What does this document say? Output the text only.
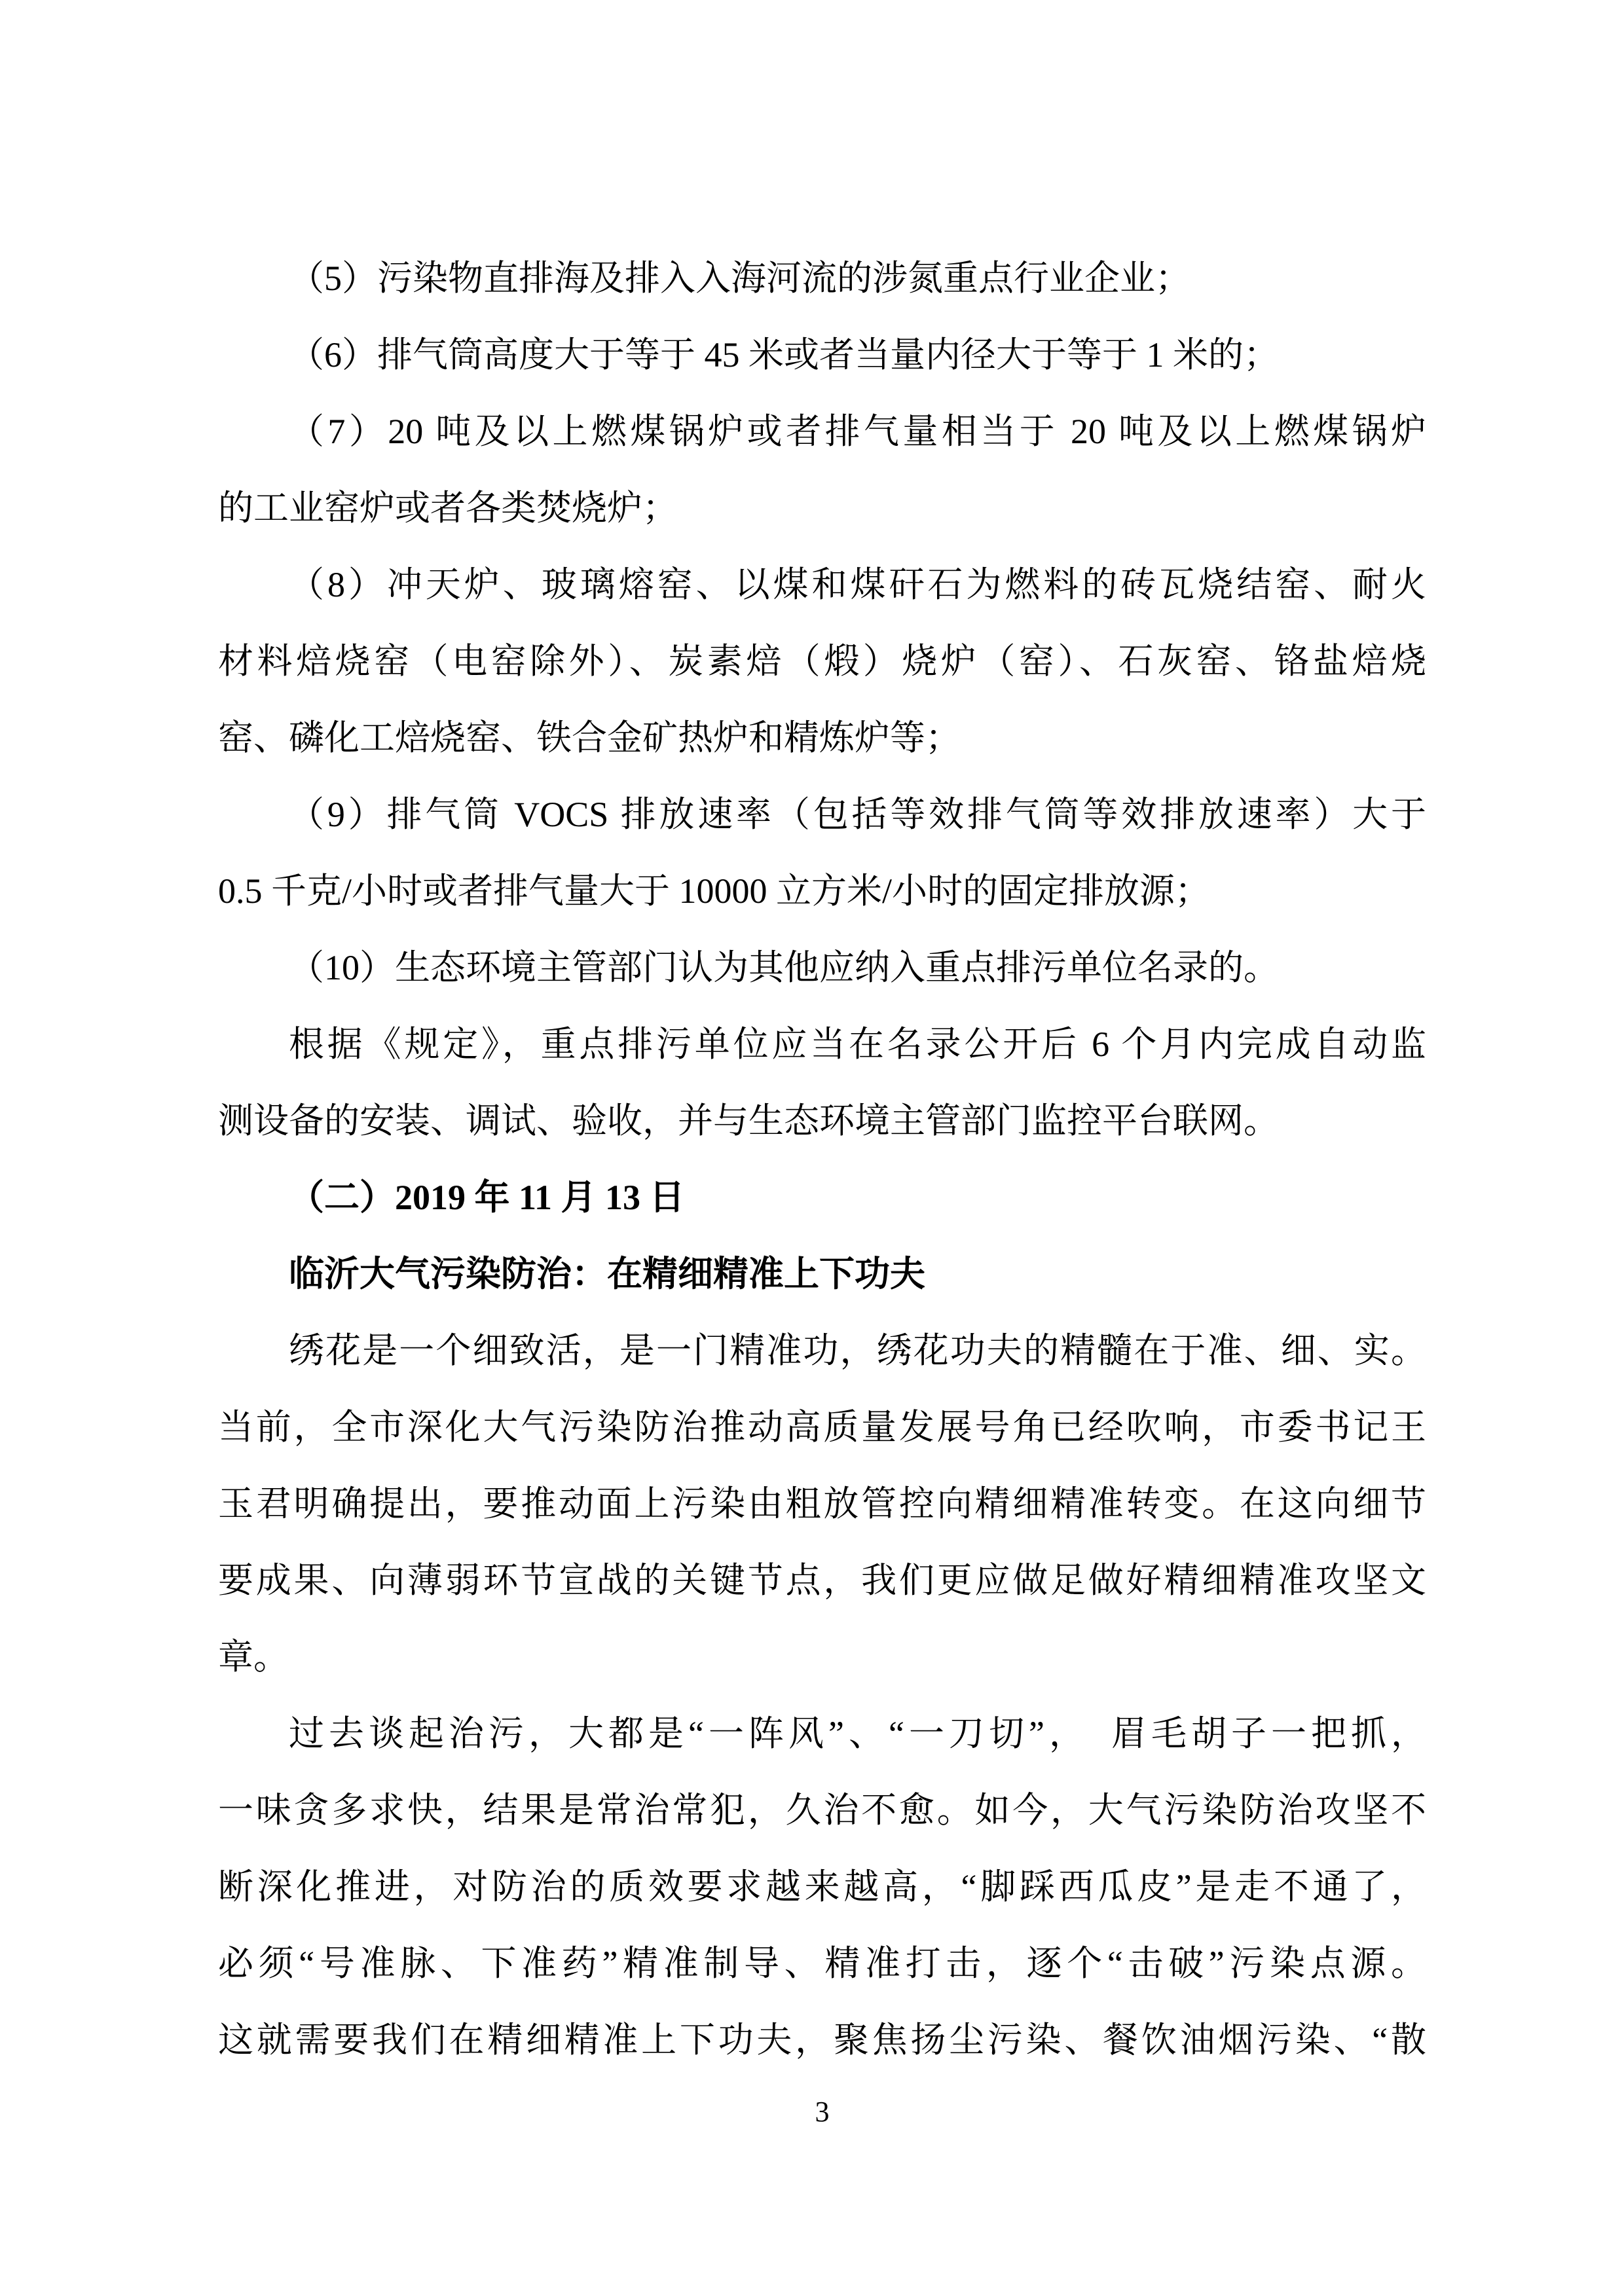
（5）污染物直排海及排入入海河流的涉氮重点行业企业；
（6）排气筒高度大于等于 45 米或者当量内径大于等于 1 米的；
（7）20 吨及以上燃煤锅炉或者排气量相当于 20 吨及以上燃煤锅炉
的工业窑炉或者各类焚烧炉；
（8）冲天炉、玻璃熔窑、以煤和煤矸石为燃料的砖瓦烧结窑、耐火
材料焙烧窑（电窑除外）、炭素焙（煅）烧炉（窑）、石灰窑、铬盐焙烧
窑、磷化工焙烧窑、铁合金矿热炉和精炼炉等；
（9）排气筒 VOCS 排放速率（包括等效排气筒等效排放速率）大于
0.5 千克/小时或者排气量大于 10000 立方米/小时的固定排放源；
（10）生态环境主管部门认为其他应纳入重点排污单位名录的。
根据《规定》，重点排污单位应当在名录公开后 6 个月内完成自动监
测设备的安装、调试、验收，并与生态环境主管部门监控平台联网。
（二）2019 年 11 月 13 日
临沂大气污染防治：在精细精准上下功夫
绣花是一个细致活，是一门精准功，绣花功夫的精髓在于准、细、实。
当前，全市深化大气污染防治推动高质量发展号角已经吹响，市委书记王
玉君明确提出，要推动面上污染由粗放管控向精细精准转变。在这向细节
要成果、向薄弱环节宣战的关键节点，我们更应做足做好精细精准攻坚文
章。
过去谈起治污，大都是“一阵风”、“一刀切”，　眉毛胡子一把抓，
一味贪多求快，结果是常治常犯，久治不愈。如今，大气污染防治攻坚不
断深化推进，对防治的质效要求越来越高，“脚踩西瓜皮”是走不通了，
必须“号准脉、下准药”精准制导、精准打击，逐个“击破”污染点源。
这就需要我们在精细精准上下功夫，聚焦扬尘污染、餐饮油烟污染、“散
3
